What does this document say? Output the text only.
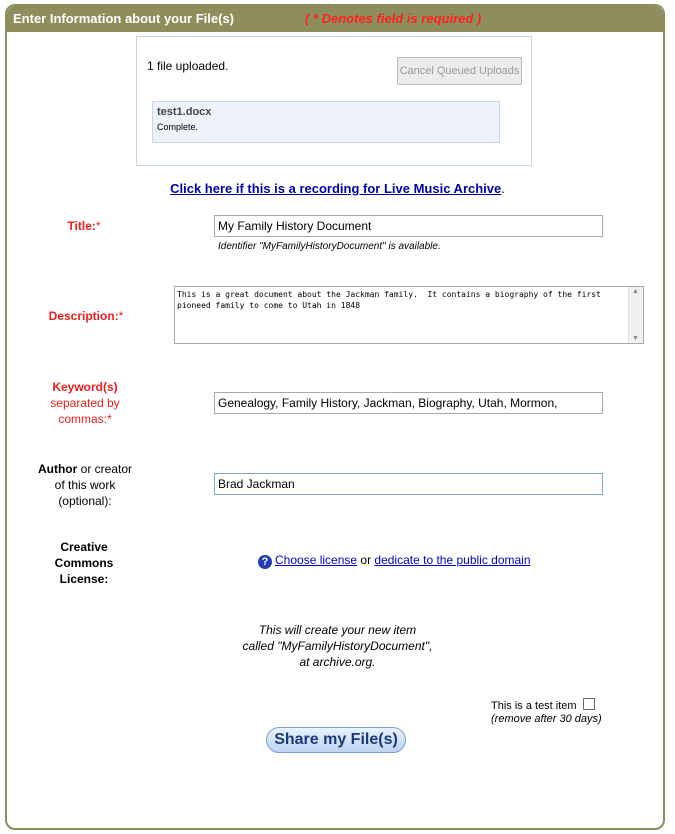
Enter Information about your File(s)	( * Denotes field is required )
1 file uploaded.	Cancel Queued Uploads
test1.docx
Complete.
Click here if this is a recording for Live Music Archive.
Title:*
My Family History Document
Identifier "MyFamilyHistoryDocument" is available.
Description:*
This is a great document about the Jackman family.  It contains a biography of the first pioneed family to come to Utah in 1848
▲
▼
Keyword(s)
separated by
commas:*
Genealogy, Family History, Jackman, Biography, Utah, Mormon,
Author or creator
of this work
(optional):
Brad Jackman
Creative
Commons
License:
? Choose license or dedicate to the public domain
This will create your new item
called "MyFamilyHistoryDocument",
at archive.org.
This is a test item
(remove after 30 days)
Share my File(s)
